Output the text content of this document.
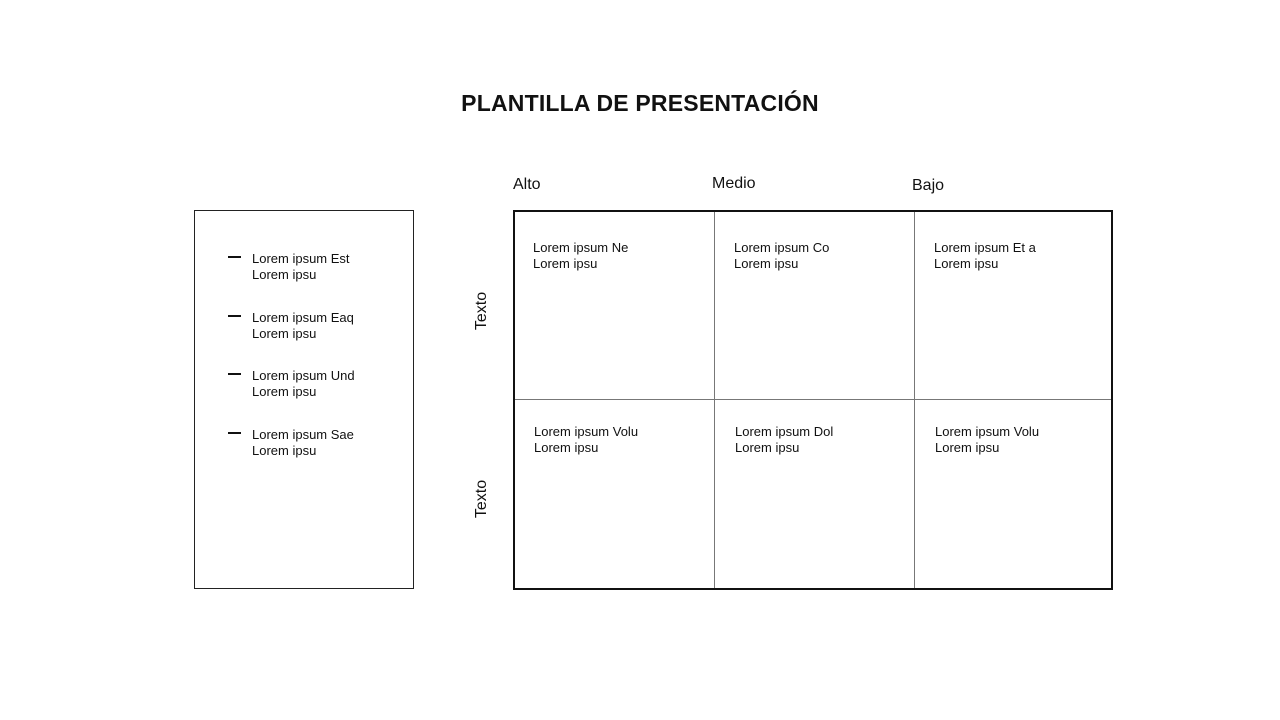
PLANTILLA DE PRESENTACIÓN
Lorem ipsum Est
Lorem ipsu
Lorem ipsum Eaq
Lorem ipsu
Lorem ipsum Und
Lorem ipsu
Lorem ipsum Sae
Lorem ipsu
Alto	Medio	Bajo
Texto
Texto
Lorem ipsum Ne
Lorem ipsu
Lorem ipsum Co
Lorem ipsu
Lorem ipsum Et a
Lorem ipsu
Lorem ipsum Volu
Lorem ipsu
Lorem ipsum Dol
Lorem ipsu
Lorem ipsum Volu
Lorem ipsu
